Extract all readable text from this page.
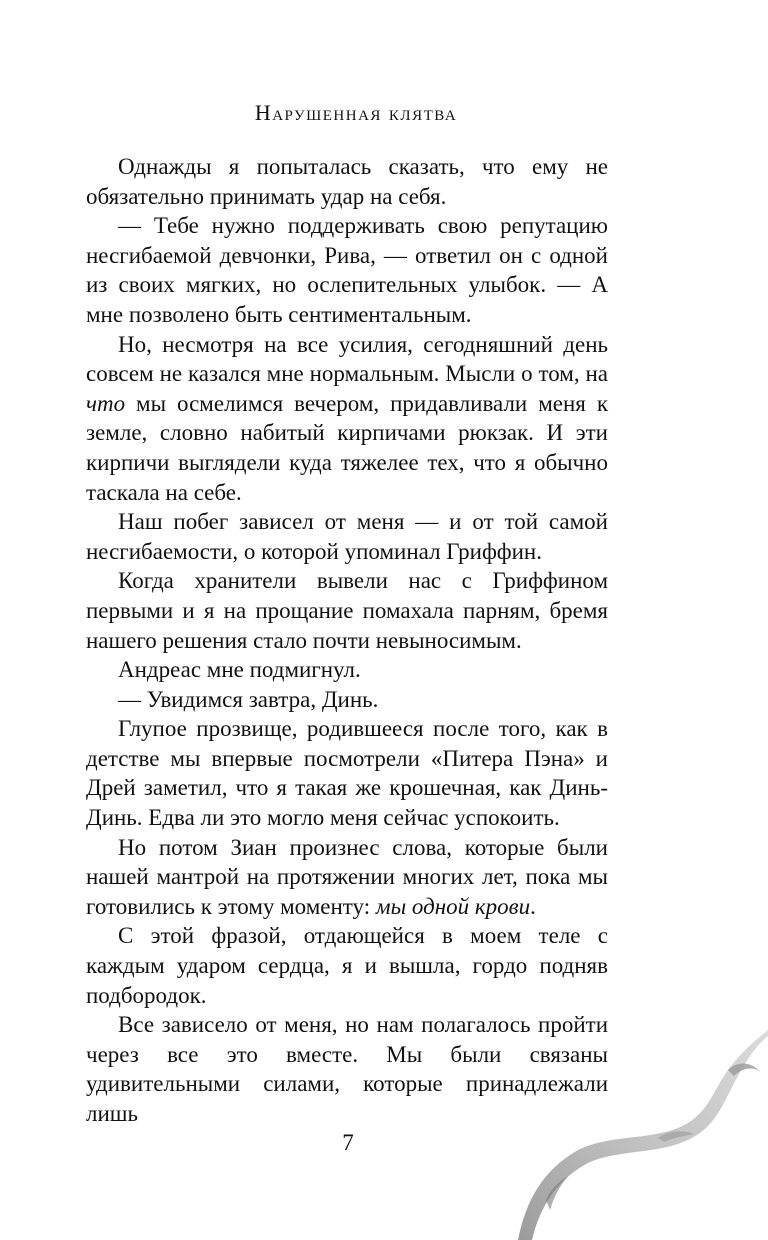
Нарушенная клятва

Однажды я попыталась сказать, что ему не обязательно принимать удар на себя.

— Тебе нужно поддерживать свою репутацию несгибаемой девчонки, Рива, — ответил он с одной из своих мягких, но ослепительных улыбок. — А мне позволено быть сентиментальным.

Но, несмотря на все усилия, сегодняшний день совсем не казался мне нормальным. Мысли о том, на что мы осмелимся вечером, придавливали меня к земле, словно набитый кирпичами рюкзак. И эти кирпичи выглядели куда тяжелее тех, что я обычно таскала на себе.

Наш побег зависел от меня — и от той самой несгибаемости, о которой упоминал Гриффин.

Когда хранители вывели нас с Гриффином первыми и я на прощание помахала парням, бремя нашего решения стало почти невыносимым.

Андреас мне подмигнул.

— Увидимся завтра, Динь.

Глупое прозвище, родившееся после того, как в детстве мы впервые посмотрели «Питера Пэна» и Дрей заметил, что я такая же крошечная, как Динь-Динь. Едва ли это могло меня сейчас успокоить.

Но потом Зиан произнес слова, которые были нашей мантрой на протяжении многих лет, пока мы готовились к этому моменту: мы одной крови.

С этой фразой, отдающейся в моем теле с каждым ударом сердца, я и вышла, гордо подняв подбородок.

Все зависело от меня, но нам полагалось пройти через все это вместе. Мы были связаны удивительными силами, которые принадлежали лишь

7
